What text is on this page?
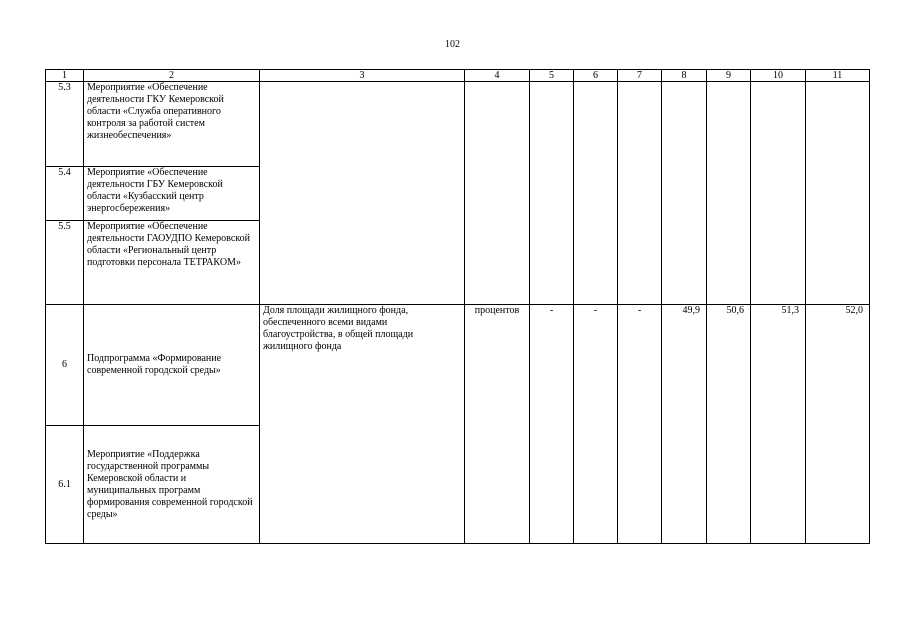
102
1	2	3	4	5	6	7	8	9	10	11
5.3	Мероприятие «Обеспечение деятельности ГКУ Кемеровской области «Служба оперативного контроля за работой систем жизнеобеспечения»									
5.4	Мероприятие «Обеспечение деятельности ГБУ Кемеровской области «Кузбасский центр энергосбережения»									
5.5	Мероприятие «Обеспечение деятельности ГАОУДПО Кемеровской области «Региональный центр подготовки персонала ТЕТРАКОМ»									
6	Подпрограмма «Формирование современной городской среды»	Доля площади жилищного фонда, обеспеченного всеми видами благоустройства, в общей площади жилищного фонда	процентов	-	-	-	49,9	50,6	51,3	52,0
6.1	Мероприятие «Поддержка государственной программы Кемеровской области и муниципальных программ формирования современной городской среды»									
